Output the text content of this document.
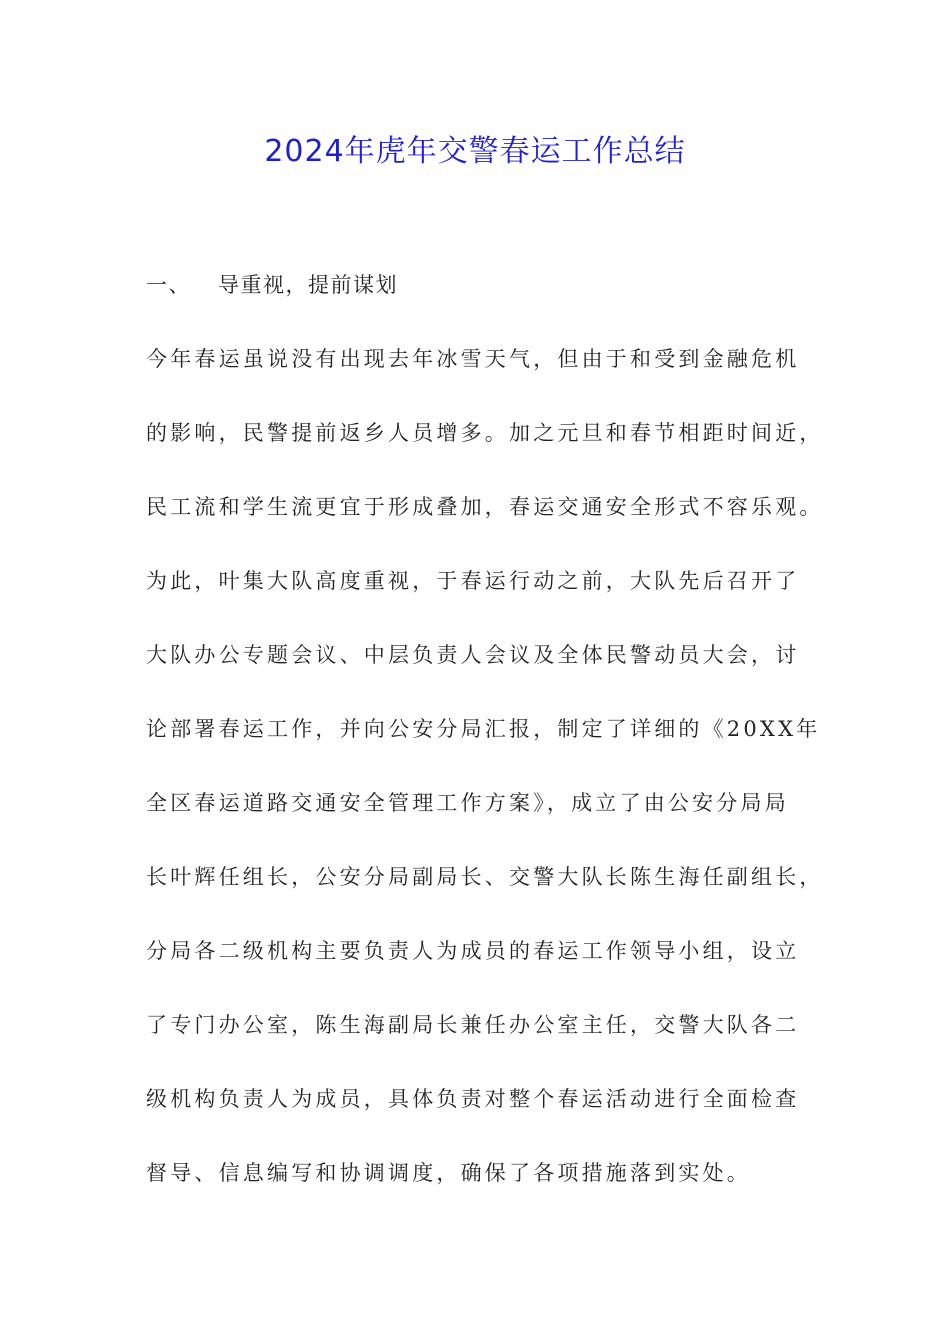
2024年虎年交警春运工作总结
一、 导重视，提前谋划
今年春运虽说没有出现去年冰雪天气，但由于和受到金融危机
的影响，民警提前返乡人员增多。加之元旦和春节相距时间近，
民工流和学生流更宜于形成叠加，春运交通安全形式不容乐观。
为此，叶集大队高度重视，于春运行动之前，大队先后召开了
大队办公专题会议、中层负责人会议及全体民警动员大会，讨
论部署春运工作，并向公安分局汇报，制定了详细的《20XX年
全区春运道路交通安全管理工作方案》，成立了由公安分局局
长叶辉任组长，公安分局副局长、交警大队长陈生海任副组长，
分局各二级机构主要负责人为成员的春运工作领导小组，设立
了专门办公室，陈生海副局长兼任办公室主任，交警大队各二
级机构负责人为成员，具体负责对整个春运活动进行全面检查
督导、信息编写和协调调度，确保了各项措施落到实处。
